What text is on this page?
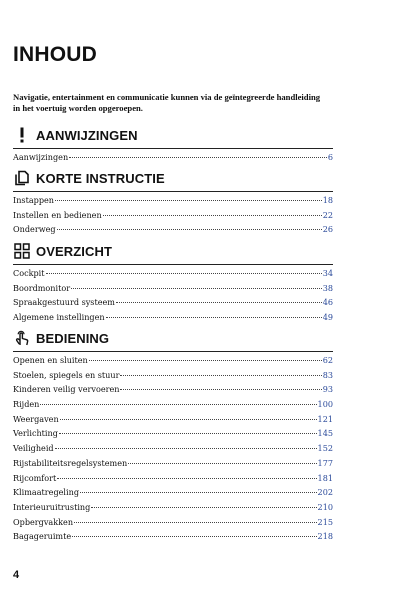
INHOUD
Navigatie, entertainment en communicatie kunnen via de geïntegreerde handleiding
in het voertuig worden opgeroepen.
AANWIJZINGEN
Aanwijzingen	6
KORTE INSTRUCTIE
Instappen	18
Instellen en bedienen	22
Onderweg	26
OVERZICHT
Cockpit	34
Boordmonitor	38
Spraakgestuurd systeem	46
Algemene instellingen	49
BEDIENING
Openen en sluiten	62
Stoelen, spiegels en stuur	83
Kinderen veilig vervoeren	93
Rijden	100
Weergaven	121
Verlichting	145
Veiligheid	152
Rijstabiliteitsregelsystemen	177
Rijcomfort	181
Klimaatregeling	202
Interieuruitrusting	210
Opbergvakken	215
Bagageruimte	218
4
